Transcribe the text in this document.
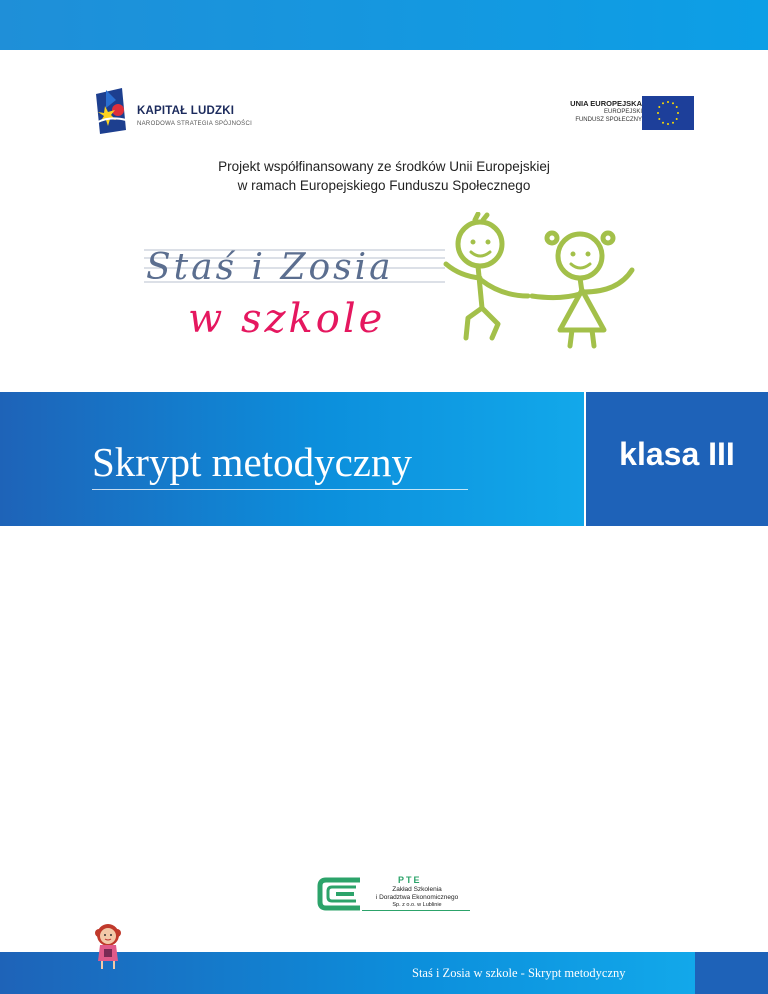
KAPITAŁ LUDZKI
NARODOWA STRATEGIA SPÓJNOŚCI
UNIA EUROPEJSKA
EUROPEJSKI
FUNDUSZ SPOŁECZNY
Projekt współfinansowany ze środków Unii Europejskiej
w ramach Europejskiego Funduszu Społecznego
Staś i Zosia
w szkole
Skrypt metodyczny	klasa III
PTE
Zakład Szkolenia
i Doradztwa Ekonomicznego
Sp. z o.o. w Lublinie
Staś i Zosia w szkole - Skrypt metodyczny
